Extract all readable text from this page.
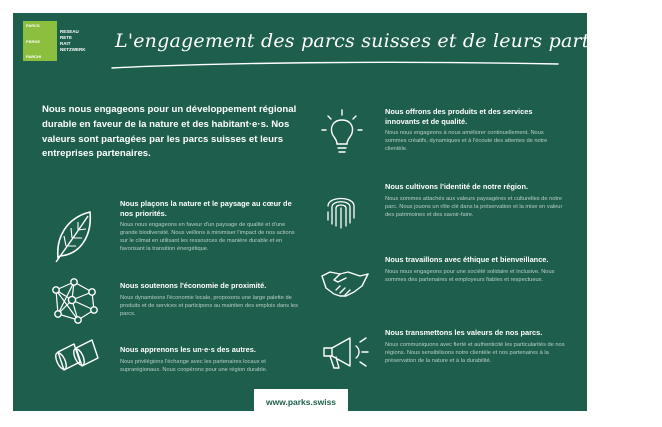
PARCS
PÄRKE
PARCHI
RESEAU
RETE
RAIT
NETZWERK L'engagement des parcs suisses et de leurs partenaires
Nous nous engageons pour un développement régional durable en faveur de la nature et des habitant·e·s. Nos valeurs sont partagées par les parcs suisses et leurs entreprises partenaires.

Nous plaçons la nature et le paysage au cœur de nos priorités.

Nous nous engageons en faveur d'un paysage de qualité et d'une grande biodiversité. Nous veillons à minimiser l'impact de nos actions sur le climat en utilisant les ressources de manière durable et en favorisant la transition énergétique.

Nous soutenons l'économie de proximité.

Nous dynamisons l'économie locale, proposons une large palette de produits et de services et participons au maintien des emplois dans les parcs.

Nous apprenons les un·e·s des autres.

Nous privilégions l'échange avec les partenaires locaux et suprarégionaux. Nous coopérons pour une région durable.

Nous offrons des produits et des services innovants et de qualité.

Nous nous engageons à nous améliorer continuellement. Nous sommes créatifs, dynamiques et à l'écoute des attentes de notre clientèle.

Nous cultivons l'identité de notre région.

Nous sommes attachés aux valeurs paysagères et culturelles de notre parc. Nous jouons un rôle clé dans la préservation et la mise en valeur des patrimoines et des savoir-faire.

Nous travaillons avec éthique et bienveillance.

Nous nous engageons pour une société solidaire et inclusive. Nous sommes des partenaires et employeurs fiables et respectueux.

Nous transmettons les valeurs de nos parcs.

Nous communiquons avec fierté et authenticité les particularités de nos régions. Nous sensibilisons notre clientèle et nos partenaires à la préservation de la nature et à la durabilité.

www.parks.swiss
